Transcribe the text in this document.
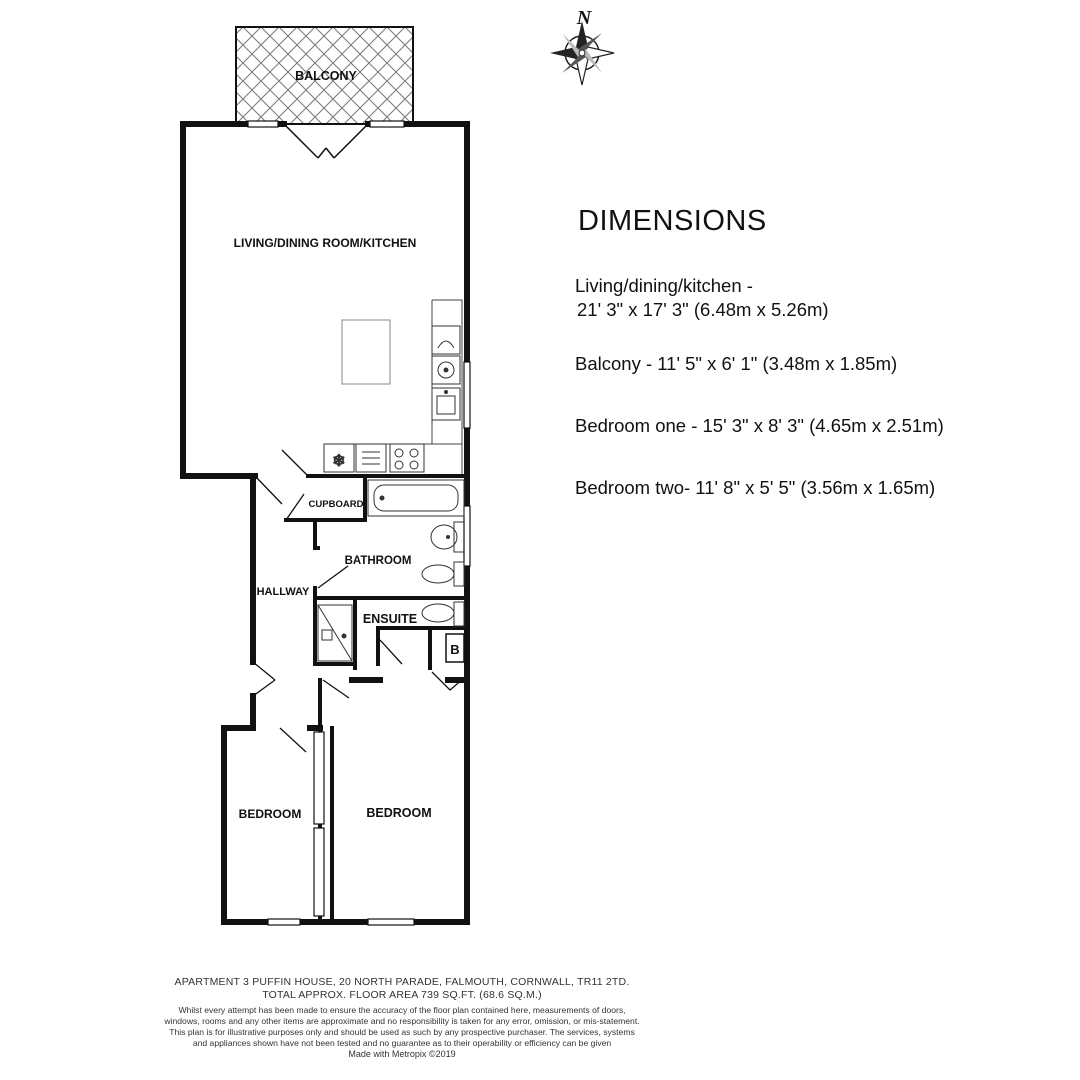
N
BALCONY
LIVING/DINING ROOM/KITCHEN
❄
CUPBOARD
BATHROOM
HALLWAY
ENSUITE
B
BEDROOM	BEDROOM
DIMENSIONS
Living/dining/kitchen -
21' 3" x 17' 3" (6.48m x 5.26m)
Balcony - 11' 5" x 6' 1" (3.48m x 1.85m)
Bedroom one - 15' 3" x 8' 3" (4.65m x 2.51m)
Bedroom two- 11' 8" x 5' 5" (3.56m x 1.65m)
APARTMENT 3 PUFFIN HOUSE, 20 NORTH PARADE, FALMOUTH, CORNWALL, TR11 2TD.
TOTAL APPROX. FLOOR AREA 739 SQ.FT. (68.6 SQ.M.)
Whilst every attempt has been made to ensure the accuracy of the floor plan contained here, measurements of doors, windows, rooms and any other items are approximate and no responsibility is taken for any error, omission, or mis-statement. This plan is for illustrative purposes only and should be used as such by any prospective purchaser. The services, systems and appliances shown have not been tested and no guarantee as to their operability or efficiency can be given
Made with Metropix ©2019
